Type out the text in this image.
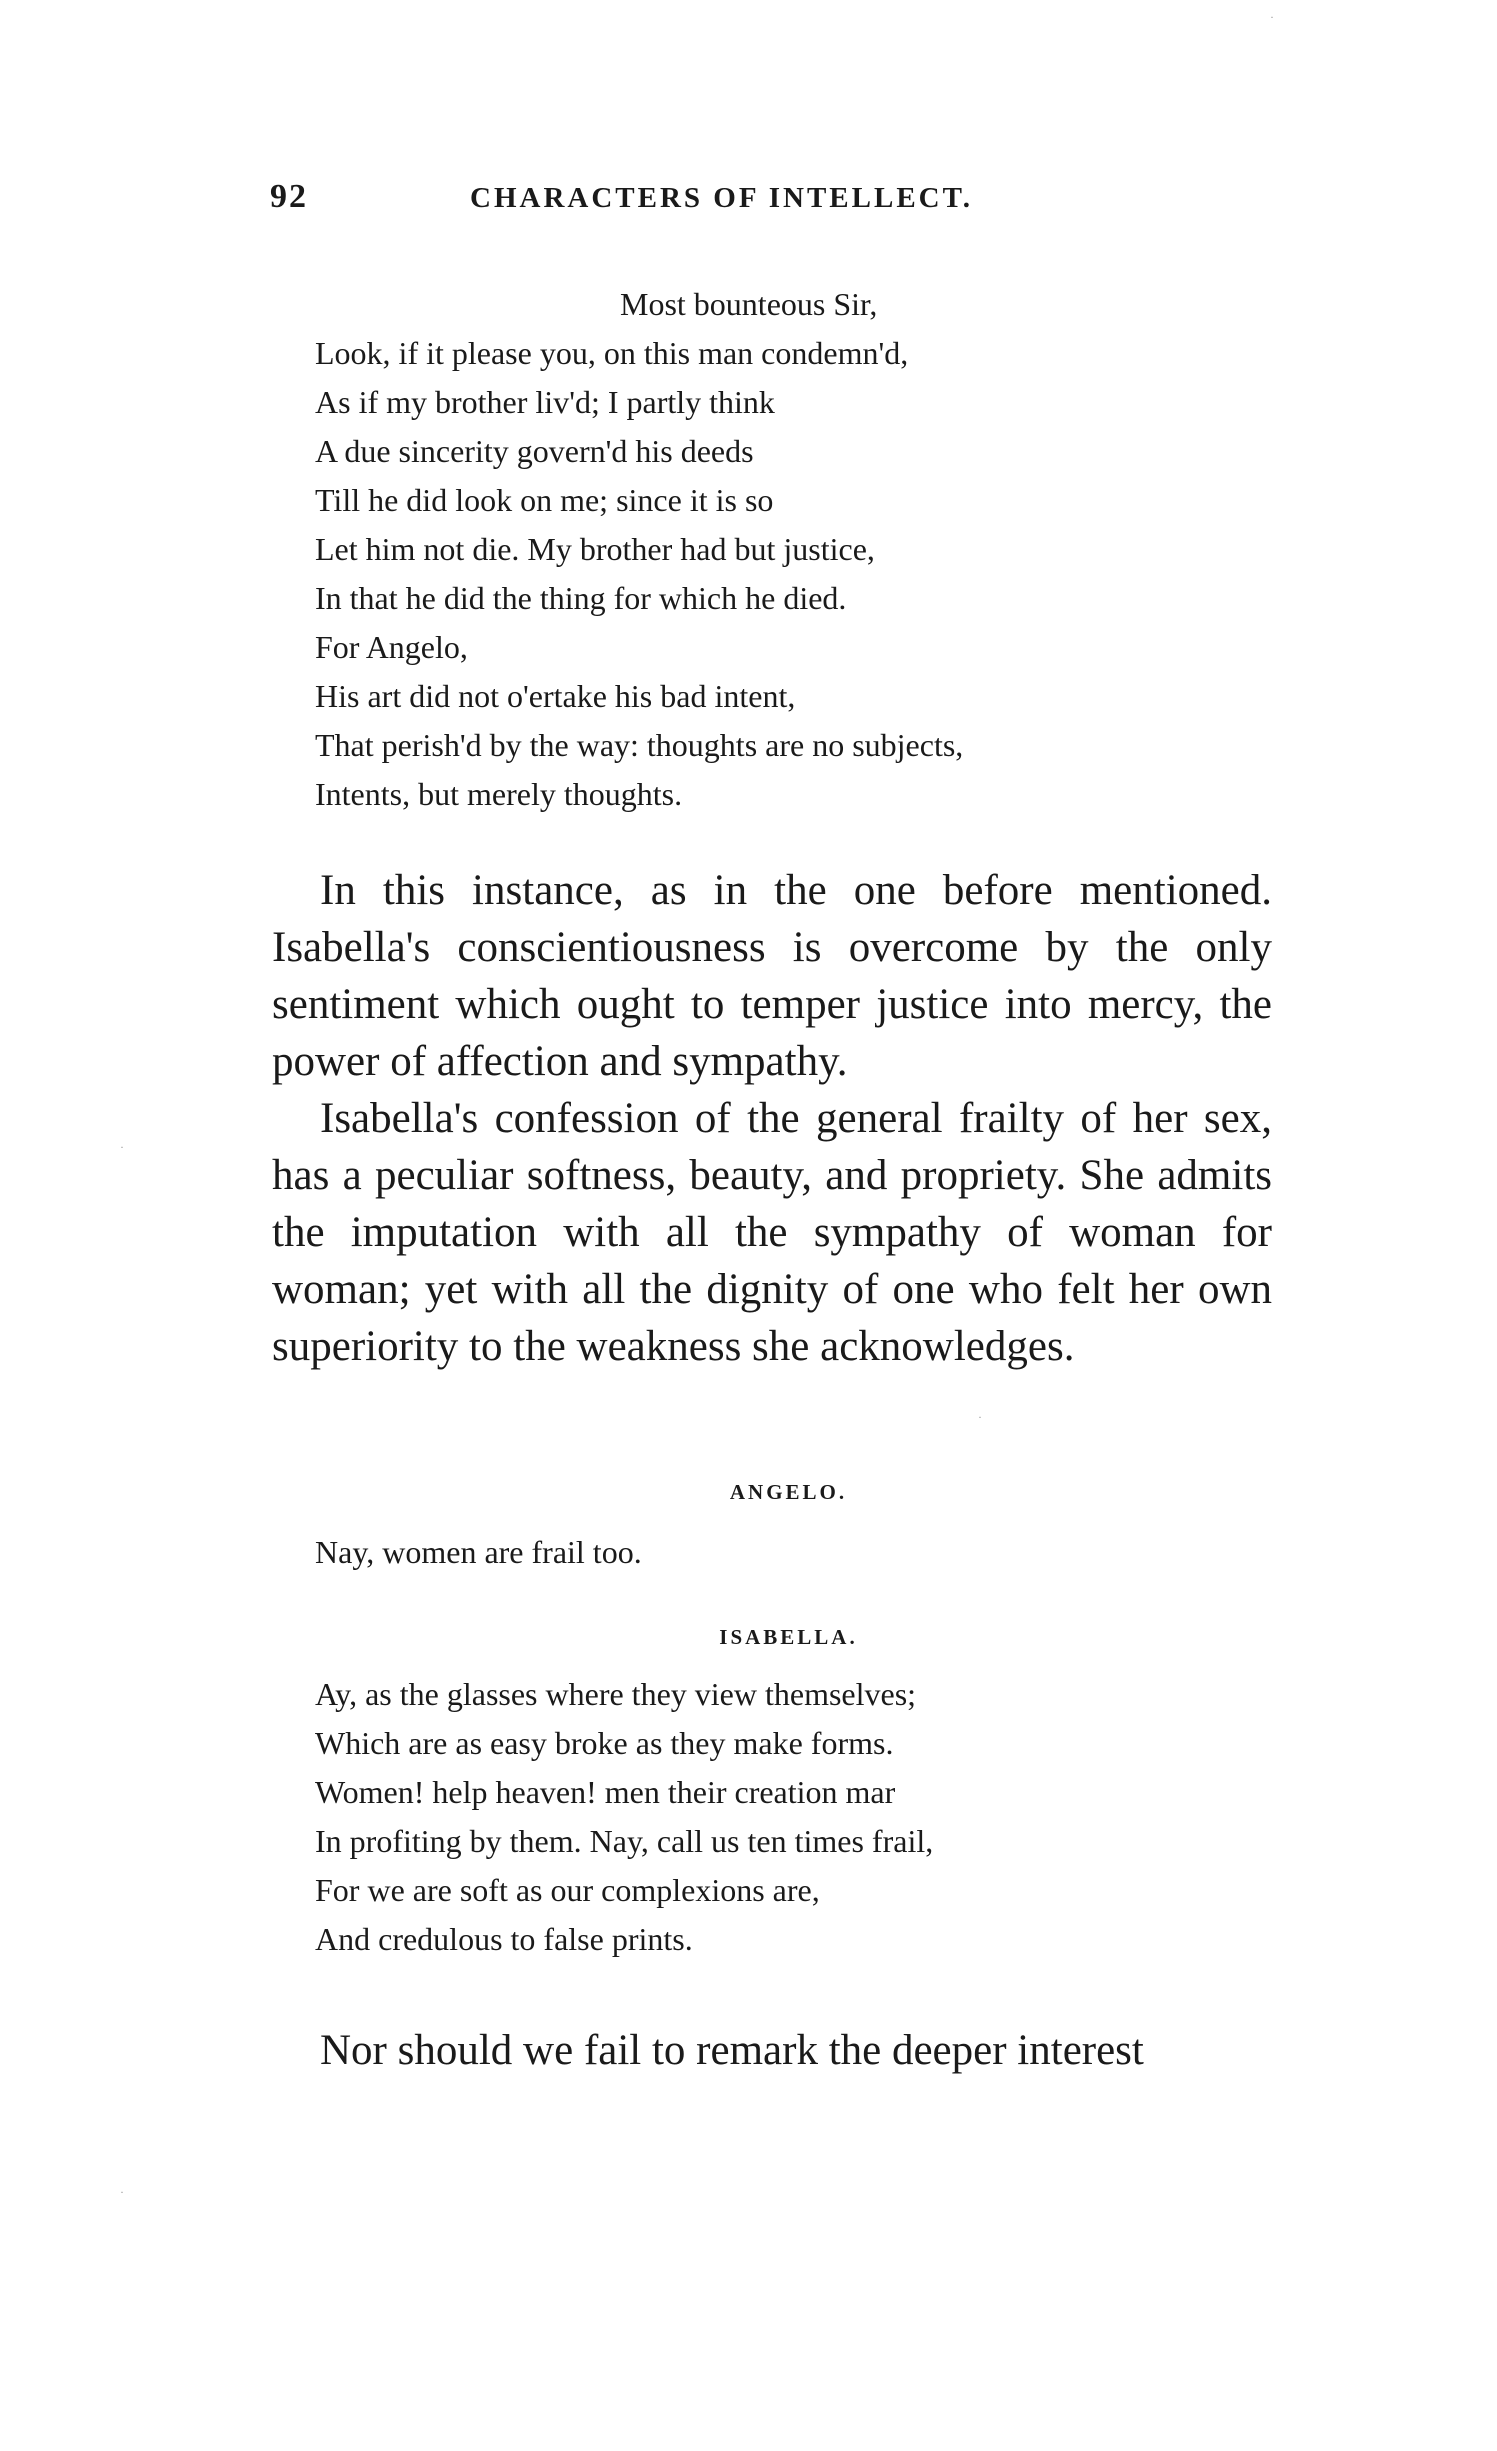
92	CHARACTERS OF INTELLECT.
Most bounteous Sir,
Look, if it please you, on this man condemn'd,
As if my brother liv'd; I partly think
A due sincerity govern'd his deeds
Till he did look on me; since it is so
Let him not die. My brother had but justice,
In that he did the thing for which he died.
For Angelo,
His art did not o'ertake his bad intent,
That perish'd by the way: thoughts are no subjects,
Intents, but merely thoughts.

In this instance, as in the one before mentioned. Isabella's conscientiousness is overcome by the only sentiment which ought to temper justice into mercy, the power of affection and sympathy.

Isabella's confession of the general frailty of her sex, has a peculiar softness, beauty, and propriety. She admits the imputation with all the sympathy of woman for woman; yet with all the dignity of one who felt her own superiority to the weakness she acknowledges.

ANGELO.
Nay, women are frail too.
ISABELLA.
Ay, as the glasses where they view themselves;
Which are as easy broke as they make forms.
Women! help heaven! men their creation mar
In profiting by them. Nay, call us ten times frail,
For we are soft as our complexions are,
And credulous to false prints.

Nor should we fail to remark the deeper interest

·
·
·
·
